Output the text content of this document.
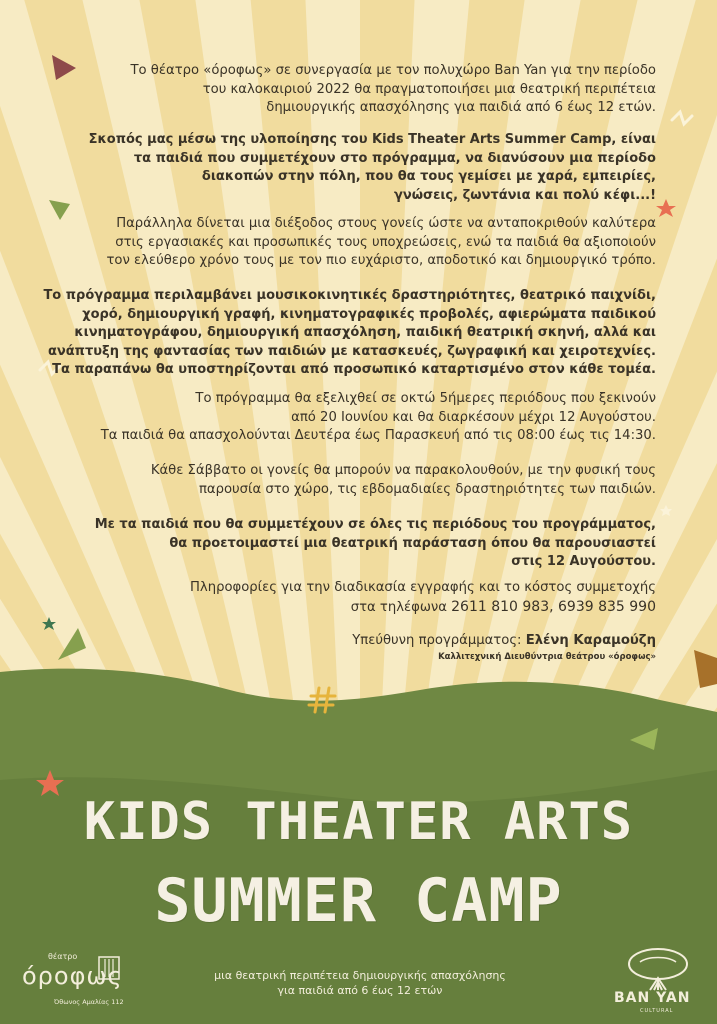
Το θέατρο «όροφως» σε συνεργασία με τον πολυχώρο Ban Yan για την περίοδο
του καλοκαιριού 2022 θα πραγματοποιήσει μια θεατρική περιπέτεια
δημιουργικής απασχόλησης για παιδιά από 6 έως 12 ετών.

Σκοπός μας μέσω της υλοποίησης του Kids Theater Arts Summer Camp, είναι
τα παιδιά που συμμετέχουν στο πρόγραμμα, να διανύσουν μια περίοδο
διακοπών στην πόλη, που θα τους γεμίσει με χαρά, εμπειρίες,
γνώσεις, ζωντάνια και πολύ κέφι...!

Παράλληλα δίνεται μια διέξοδος στους γονείς ώστε να ανταποκριθούν καλύτερα
στις εργασιακές και προσωπικές τους υποχρεώσεις, ενώ τα παιδιά θα αξιοποιούν
τον ελεύθερο χρόνο τους με τον πιο ευχάριστο, αποδοτικό και δημιουργικό τρόπο.

Το πρόγραμμα περιλαμβάνει μουσικοκινητικές δραστηριότητες, θεατρικό παιχνίδι,
χορό, δημιουργική γραφή, κινηματογραφικές προβολές, αφιερώματα παιδικού
κινηματογράφου, δημιουργική απασχόληση, παιδική θεατρική σκηνή, αλλά και
ανάπτυξη της φαντασίας των παιδιών με κατασκευές, ζωγραφική και χειροτεχνίες.
Τα παραπάνω θα υποστηρίζονται από προσωπικό καταρτισμένο στον κάθε τομέα.

Το πρόγραμμα θα εξελιχθεί σε οκτώ 5ήμερες περιόδους που ξεκινούν
από 20 Ιουνίου και θα διαρκέσουν μέχρι 12 Αυγούστου.
Τα παιδιά θα απασχολούνται Δευτέρα έως Παρασκευή από τις 08:00 έως τις 14:30.

Κάθε Σάββατο οι γονείς θα μπορούν να παρακολουθούν, με την φυσική τους
παρουσία στο χώρο, τις εβδομαδιαίες δραστηριότητες των παιδιών.

Με τα παιδιά που θα συμμετέχουν σε όλες τις περιόδους του προγράμματος,
θα προετοιμαστεί μια θεατρική παράσταση όπου θα παρουσιαστεί
στις 12 Αυγούστου.

Πληροφορίες για την διαδικασία εγγραφής και το κόστος συμμετοχής
στα τηλέφωνα 2611 810 983, 6939 835 990

Υπεύθυνη προγράμματος: Ελένη Καραμούζη
Καλλιτεχνική Διευθύντρια θεάτρου «όροφως»

KIDS THEATER ARTS
SUMMER CAMP

μια θεατρική περιπέτεια δημιουργικής απασχόλησης
για παιδιά από 6 έως 12 ετών

θέατρο
όροφως
Όθωνος Αμαλίας 112	BAN YAN
CULTURAL
